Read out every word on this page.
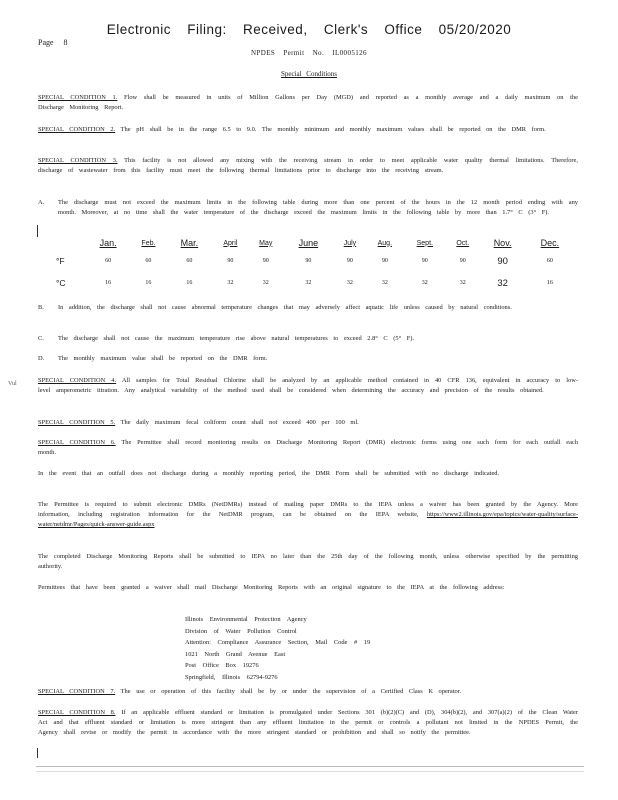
Electronic Filing: Received, Clerk's Office 05/20/2020
Page 8
NPDES Permit No. IL0005126
Special Conditions
SPECIAL CONDITION 1. Flow shall be measured in units of Million Gallons per Day (MGD) and reported as a monthly average and a daily maximum on the Discharge Monitoring Report.
SPECIAL CONDITION 2. The pH shall be in the range 6.5 to 9.0. The monthly minimum and monthly maximum values shall be reported on the DMR form.
SPECIAL CONDITION 3. This facility is not allowed any mixing with the receiving stream in order to meet applicable water quality thermal limitations. Therefore, discharge of wastewater from this facility must meet the following thermal limitations prior to discharge into the receiving stream.
A. The discharge must not exceed the maximum limits in the following table during more than one percent of the hours in the 12 month period ending with any month. Moreover, at no time shall the water temperature of the discharge exceed the maximum limits in the following table by more than 1.7° C (3° F).
	Jan.	Feb.	Mar.	April	May	June	July	Aug.	Sept.	Oct.	Nov.	Dec.
°F	60	60	60	90	90	90	90	90	90	90	90	60
°C	16	16	16	32	32	32	32	32	32	32	32	16
B. In addition, the discharge shall not cause abnormal temperature changes that may adversely affect aquatic life unless caused by natural conditions.
C. The discharge shall not cause the maximum temperature rise above natural temperatures to exceed 2.8° C (5° F).
D. The monthly maximum value shall be reported on the DMR form.
Vul	SPECIAL CONDITION 4. All samples for Total Residual Chlorine shall be analyzed by an applicable method contained in 40 CFR 136, equivalent in accuracy to low-level amperometric titration. Any analytical variability of the method used shall be considered when determining the accuracy and precision of the results obtained.
SPECIAL CONDITION 5. The daily maximum fecal coliform count shall not exceed 400 per 100 ml.
SPECIAL CONDITION 6. The Permittee shall record monitoring results on Discharge Monitoring Report (DMR) electronic forms using one such form for each outfall each month.
In the event that an outfall does not discharge during a monthly reporting period, the DMR Form shall be submitted with no discharge indicated.
The Permittee is required to submit electronic DMRs (NetDMRs) instead of mailing paper DMRs to the IEPA unless a waiver has been granted by the Agency. More information, including registration information for the NetDMR program, can be obtained on the IEPA website, https://www2.illinois.gov/epa/topics/water-quality/surface-water/netdmr/Pages/quick-answer-guide.aspx
The completed Discharge Monitoring Reports shall be submitted to IEPA no later than the 25th day of the following month, unless otherwise specified by the permitting authority.
Permittees that have been granted a waiver shall mail Discharge Monitoring Reports with an original signature to the IEPA at the following address:
Illinois Environmental Protection Agency
Division of Water Pollution Control
Attention: Compliance Assurance Section, Mail Code # 19
1021 North Grand Avenue East
Post Office Box 19276
Springfield, Illinois 62794-9276
SPECIAL CONDITION 7. The use or operation of this facility shall be by or under the supervision of a Certified Class K operator.
SPECIAL CONDITION 8. If an applicable effluent standard or limitation is promulgated under Sections 301 (b)(2)(C) and (D), 304(b)(2), and 307(a)(2) of the Clean Water Act and that effluent standard or limitation is more stringent than any effluent limitation in the permit or controls a pollutant not limited in the NPDES Permit, the Agency shall revise or modify the permit in accordance with the more stringent standard or prohibition and shall so notify the permittee.
